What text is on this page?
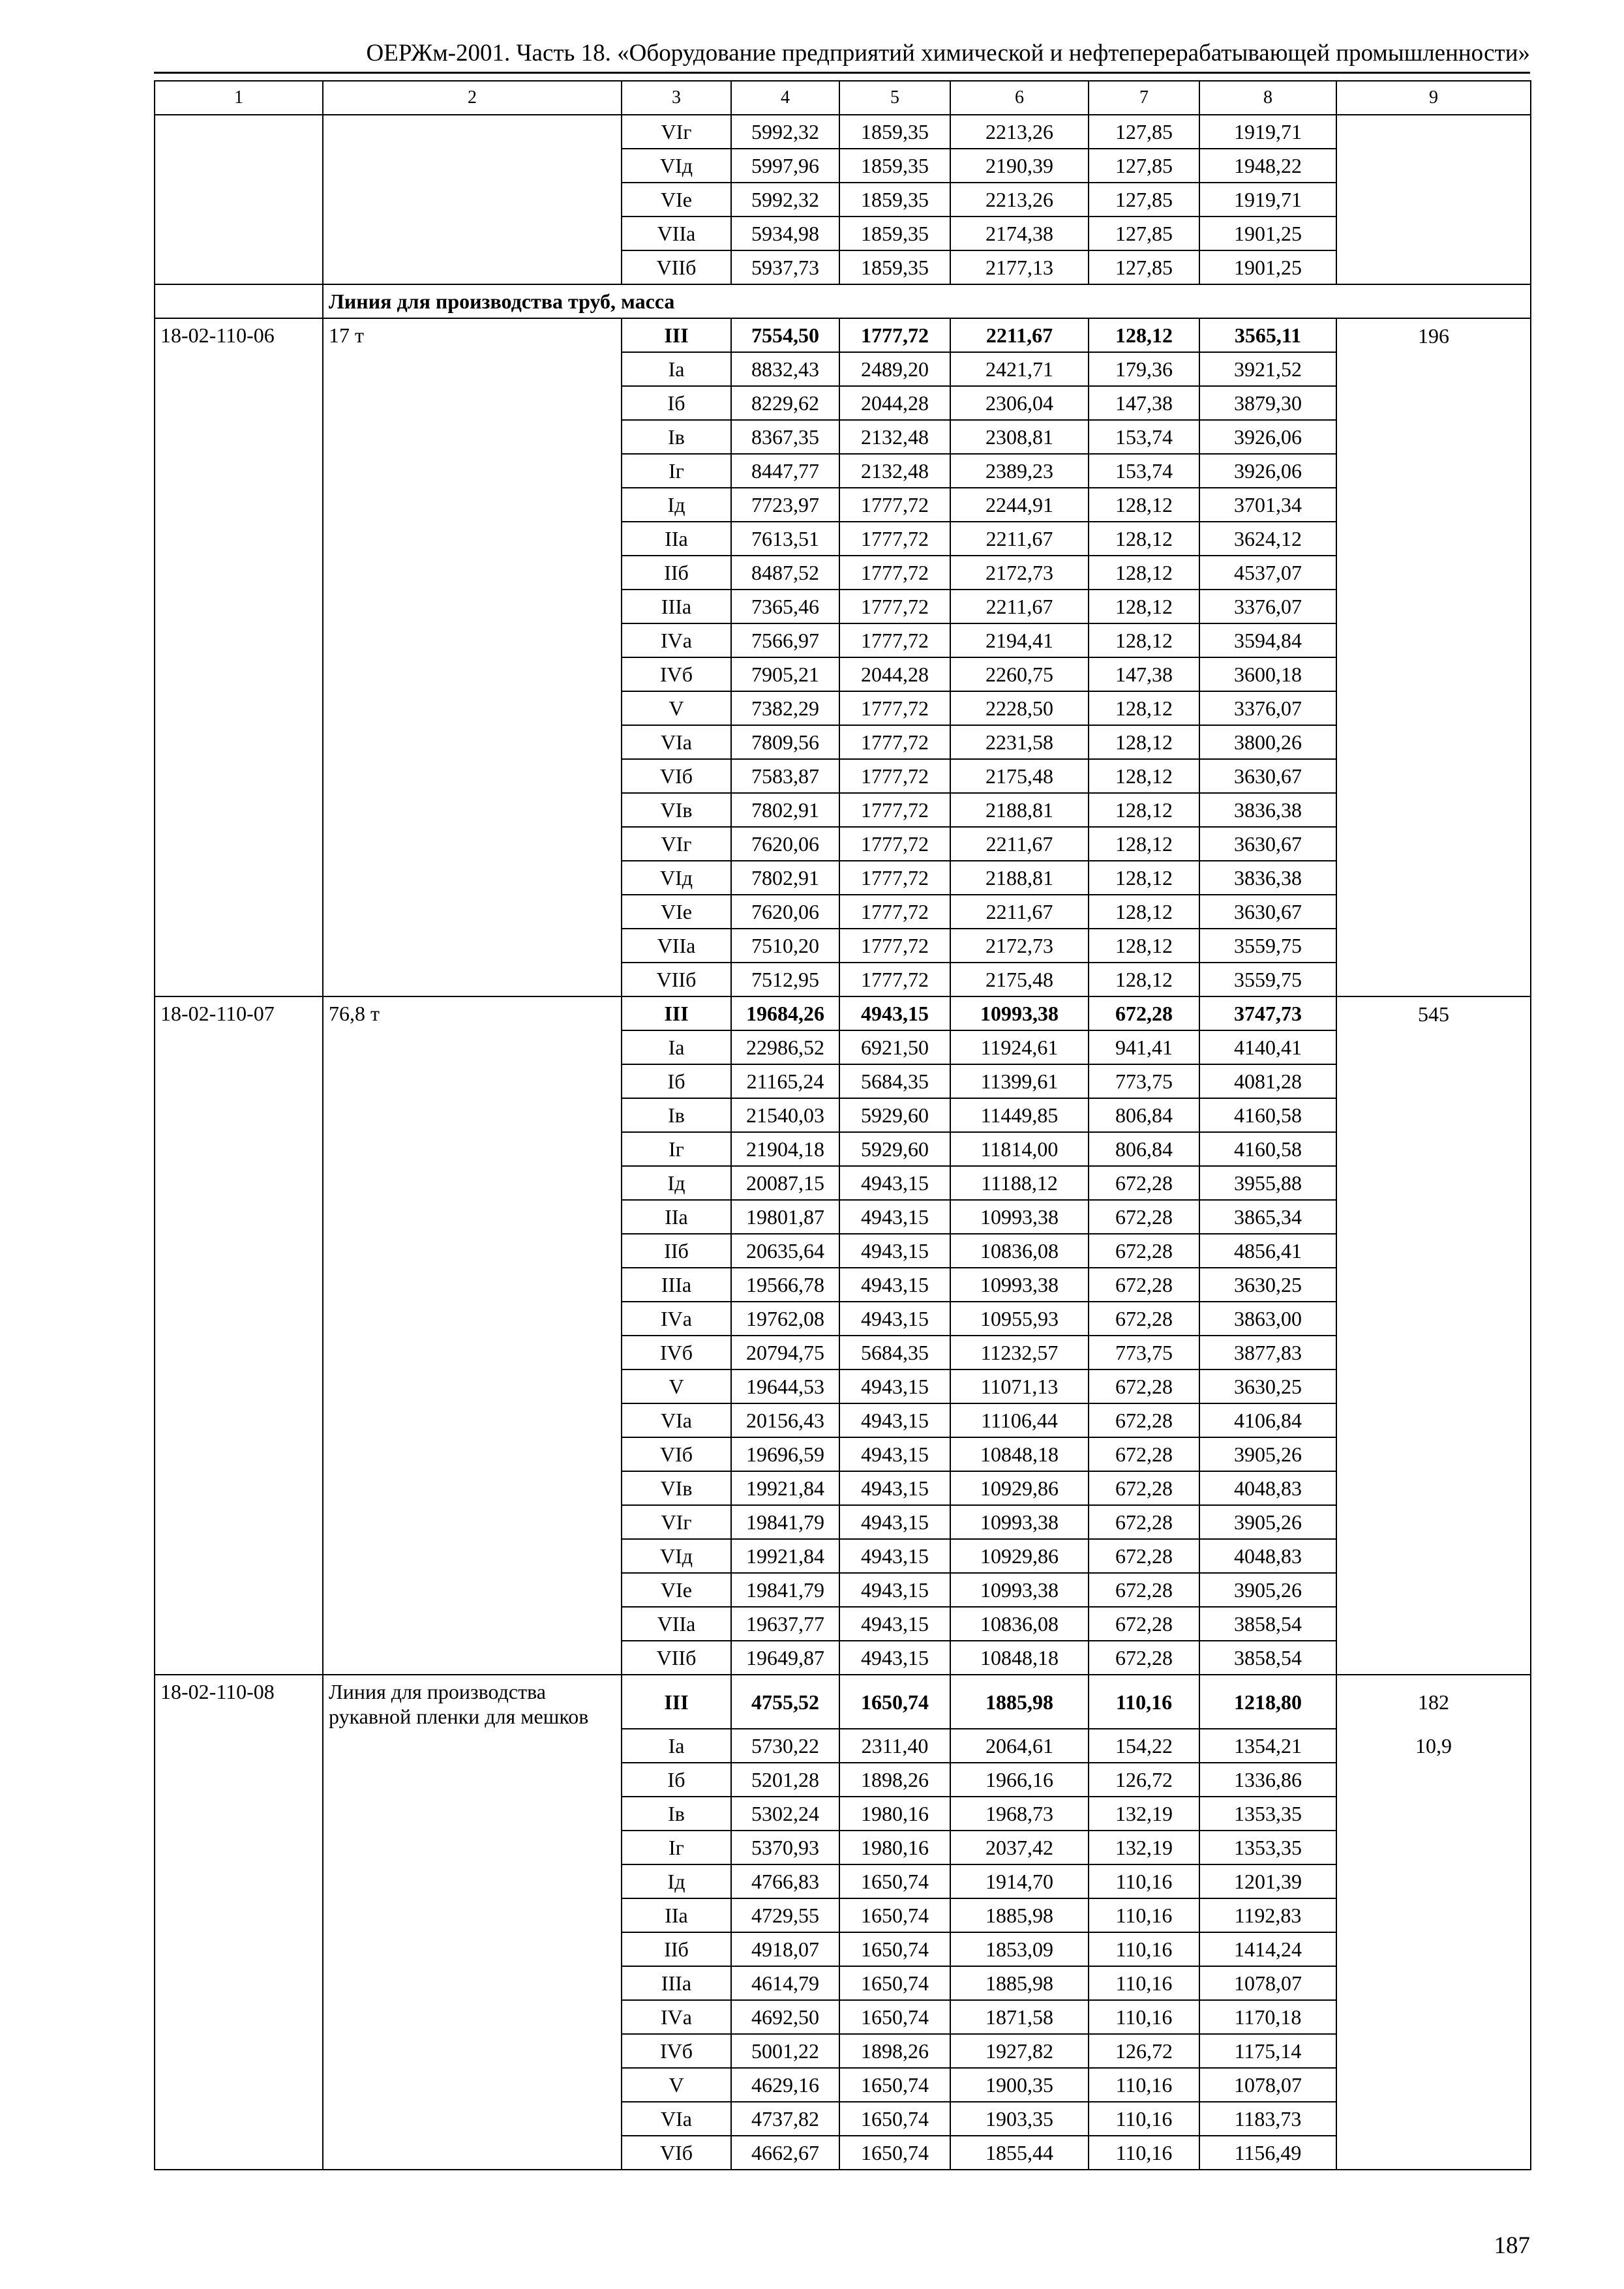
ОЕРЖм-2001. Часть 18. «Оборудование предприятий химической и нефтеперерабатывающей промышленности»
1	2	3	4	5	6	7	8	9
		VIг	5992,32	1859,35	2213,26	127,85	1919,71	
		VIд	5997,96	1859,35	2190,39	127,85	1948,22	
		VIе	5992,32	1859,35	2213,26	127,85	1919,71	
		VIIа	5934,98	1859,35	2174,38	127,85	1901,25	
		VIIб	5937,73	1859,35	2177,13	127,85	1901,25	
	Линия для производства труб, масса							
18-02-110-06	17 т	III	7554,50	1777,72	2211,67	128,12	3565,11	196
		Iа	8832,43	2489,20	2421,71	179,36	3921,52	
		Iб	8229,62	2044,28	2306,04	147,38	3879,30	
		Iв	8367,35	2132,48	2308,81	153,74	3926,06	
		Iг	8447,77	2132,48	2389,23	153,74	3926,06	
		Iд	7723,97	1777,72	2244,91	128,12	3701,34	
		IIа	7613,51	1777,72	2211,67	128,12	3624,12	
		IIб	8487,52	1777,72	2172,73	128,12	4537,07	
		IIIа	7365,46	1777,72	2211,67	128,12	3376,07	
		IVа	7566,97	1777,72	2194,41	128,12	3594,84	
		IVб	7905,21	2044,28	2260,75	147,38	3600,18	
		V	7382,29	1777,72	2228,50	128,12	3376,07	
		VIа	7809,56	1777,72	2231,58	128,12	3800,26	
		VIб	7583,87	1777,72	2175,48	128,12	3630,67	
		VIв	7802,91	1777,72	2188,81	128,12	3836,38	
		VIг	7620,06	1777,72	2211,67	128,12	3630,67	
		VIд	7802,91	1777,72	2188,81	128,12	3836,38	
		VIе	7620,06	1777,72	2211,67	128,12	3630,67	
		VIIа	7510,20	1777,72	2172,73	128,12	3559,75	
		VIIб	7512,95	1777,72	2175,48	128,12	3559,75	
18-02-110-07	76,8 т	III	19684,26	4943,15	10993,38	672,28	3747,73	545
		Iа	22986,52	6921,50	11924,61	941,41	4140,41	
		Iб	21165,24	5684,35	11399,61	773,75	4081,28	
		Iв	21540,03	5929,60	11449,85	806,84	4160,58	
		Iг	21904,18	5929,60	11814,00	806,84	4160,58	
		Iд	20087,15	4943,15	11188,12	672,28	3955,88	
		IIа	19801,87	4943,15	10993,38	672,28	3865,34	
		IIб	20635,64	4943,15	10836,08	672,28	4856,41	
		IIIа	19566,78	4943,15	10993,38	672,28	3630,25	
		IVа	19762,08	4943,15	10955,93	672,28	3863,00	
		IVб	20794,75	5684,35	11232,57	773,75	3877,83	
		V	19644,53	4943,15	11071,13	672,28	3630,25	
		VIа	20156,43	4943,15	11106,44	672,28	4106,84	
		VIб	19696,59	4943,15	10848,18	672,28	3905,26	
		VIв	19921,84	4943,15	10929,86	672,28	4048,83	
		VIг	19841,79	4943,15	10993,38	672,28	3905,26	
		VIд	19921,84	4943,15	10929,86	672,28	4048,83	
		VIе	19841,79	4943,15	10993,38	672,28	3905,26	
		VIIа	19637,77	4943,15	10836,08	672,28	3858,54	
		VIIб	19649,87	4943,15	10848,18	672,28	3858,54	
18-02-110-08	Линия для производства рукавной пленки для мешков	III	4755,52	1650,74	1885,98	110,16	1218,80	182
		Iа	5730,22	2311,40	2064,61	154,22	1354,21	10,9
		Iб	5201,28	1898,26	1966,16	126,72	1336,86	
		Iв	5302,24	1980,16	1968,73	132,19	1353,35	
		Iг	5370,93	1980,16	2037,42	132,19	1353,35	
		Iд	4766,83	1650,74	1914,70	110,16	1201,39	
		IIа	4729,55	1650,74	1885,98	110,16	1192,83	
		IIб	4918,07	1650,74	1853,09	110,16	1414,24	
		IIIа	4614,79	1650,74	1885,98	110,16	1078,07	
		IVа	4692,50	1650,74	1871,58	110,16	1170,18	
		IVб	5001,22	1898,26	1927,82	126,72	1175,14	
		V	4629,16	1650,74	1900,35	110,16	1078,07	
		VIа	4737,82	1650,74	1903,35	110,16	1183,73	
		VIб	4662,67	1650,74	1855,44	110,16	1156,49	
187
